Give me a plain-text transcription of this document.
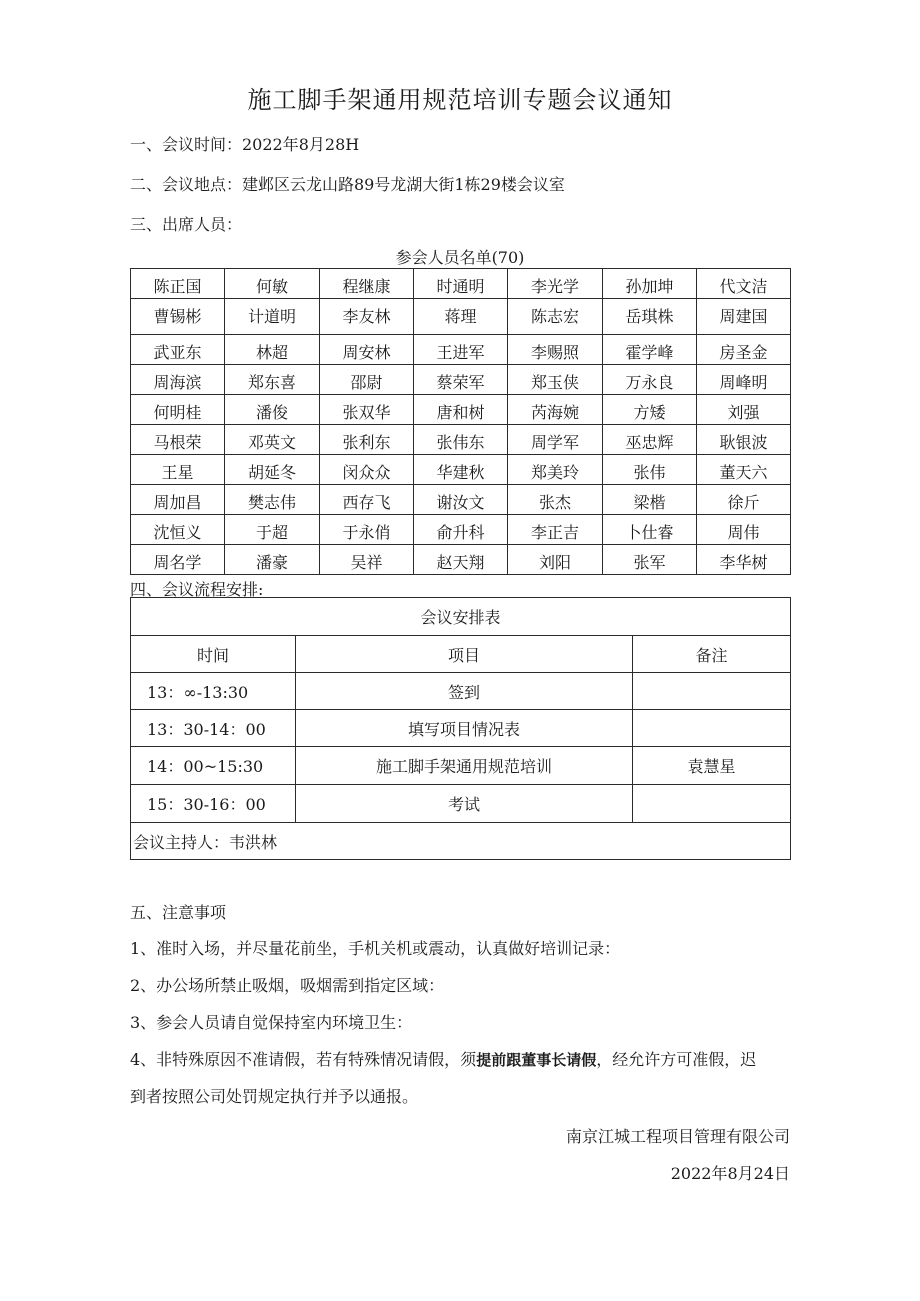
施工脚手架通用规范培训专题会议通知
一、会议时间：2022年8月28H
二、会议地点：建邺区云龙山路89号龙湖大街1栋29楼会议室
三、出席人员：
参会人员名单(70)
陈正国	何敏	程继康	时通明	李光学	孙加坤	代文洁
曹锡彬	计道明	李友林	蒋理	陈志宏	岳琪株	周建国
武亚东	林超	周安林	王进军	李赐照	霍学峰	房圣金
周海滨	郑东喜	邵尉	蔡荣军	郑玉侠	万永良	周峰明
何明桂	潘俊	张双华	唐和树	芮海婉	方矮	刘强
马根荣	邓英文	张利东	张伟东	周学军	巫忠辉	耿银波
王星	胡延冬	闵众众	华建秋	郑美玲	张伟	董天六
周加昌	樊志伟	西存飞	谢汝文	张杰	梁楷	徐斤
沈恒义	于超	于永俏	俞升科	李正吉	卜仕睿	周伟
周名学	潘豪	吴祥	赵天翔	刘阳	张军	李华树
四、会议流程安排:
会议安排表		
时间	项目	备注
13：∞-13:30	签到	
13：30-14：00	填写项目情况表	
14：00~15:30	施工脚手架通用规范培训	袁慧星
15：30-16：00	考试	
会议主持人：韦洪林		
五、注意事项
1、准时入场，并尽量花前坐，手机关机或震动，认真做好培训记录：
2、办公场所禁止吸烟，吸烟需到指定区域：
3、参会人员请自觉保持室内环境卫生：
4、非特殊原因不准请假，若有特殊情况请假，须提前跟董事长请假，经允许方可准假，迟
到者按照公司处罚规定执行并予以通报。
南京江城工程项目管理有限公司
2022年8月24日
